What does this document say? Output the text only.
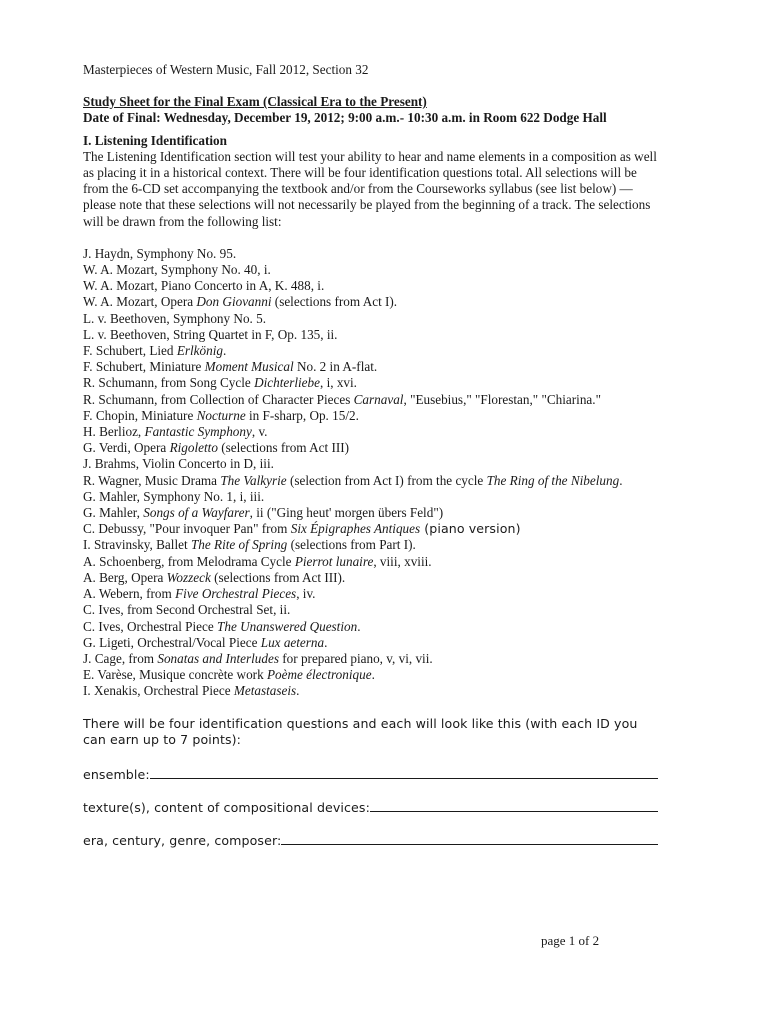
Masterpieces of Western Music, Fall 2012, Section 32

Study Sheet for the Final Exam (Classical Era to the Present)

Date of Final: Wednesday, December 19, 2012; 9:00 a.m.- 10:30 a.m. in Room 622 Dodge Hall

I. Listening Identification

The Listening Identification section will test your ability to hear and name elements in a composition as well as placing it in a historical context. There will be four identification questions total. All selections will be from the 6-CD set accompanying the textbook and/or from the Courseworks syllabus (see list below) — please note that these selections will not necessarily be played from the beginning of a track. The selections will be drawn from the following list:

J. Haydn, Symphony No. 95.
W. A. Mozart, Symphony No. 40, i.
W. A. Mozart, Piano Concerto in A, K. 488, i.
W. A. Mozart, Opera Don Giovanni (selections from Act I).
L. v. Beethoven, Symphony No. 5.
L. v. Beethoven, String Quartet in F, Op. 135, ii.
F. Schubert, Lied Erlkönig.
F. Schubert, Miniature Moment Musical No. 2 in A-flat.
R. Schumann, from Song Cycle Dichterliebe, i, xvi.
R. Schumann, from Collection of Character Pieces Carnaval, "Eusebius," "Florestan," "Chiarina."
F. Chopin, Miniature Nocturne in F-sharp, Op. 15/2.
H. Berlioz, Fantastic Symphony, v.
G. Verdi, Opera Rigoletto (selections from Act III)
J. Brahms, Violin Concerto in D, iii.
R. Wagner, Music Drama The Valkyrie (selection from Act I) from the cycle The Ring of the Nibelung.
G. Mahler, Symphony No. 1, i, iii.
G. Mahler, Songs of a Wayfarer, ii ("Ging heut' morgen übers Feld")
C. Debussy, "Pour invoquer Pan" from Six Épigraphes Antiques (piano version)
I. Stravinsky, Ballet The Rite of Spring (selections from Part I).
A. Schoenberg, from Melodrama Cycle Pierrot lunaire, viii, xviii.
A. Berg, Opera Wozzeck (selections from Act III).
A. Webern, from Five Orchestral Pieces, iv.
C. Ives, from Second Orchestral Set, ii.
C. Ives, Orchestral Piece The Unanswered Question.
G. Ligeti, Orchestral/Vocal Piece Lux aeterna.
J. Cage, from Sonatas and Interludes for prepared piano, v, vi, vii.
E. Varèse, Musique concrète work Poème électronique.
I. Xenakis, Orchestral Piece Metastaseis.

There will be four identification questions and each will look like this (with each ID you can earn up to 7 points):

ensemble:
texture(s), content of compositional devices:
era, century, genre, composer:
page 1 of 2
